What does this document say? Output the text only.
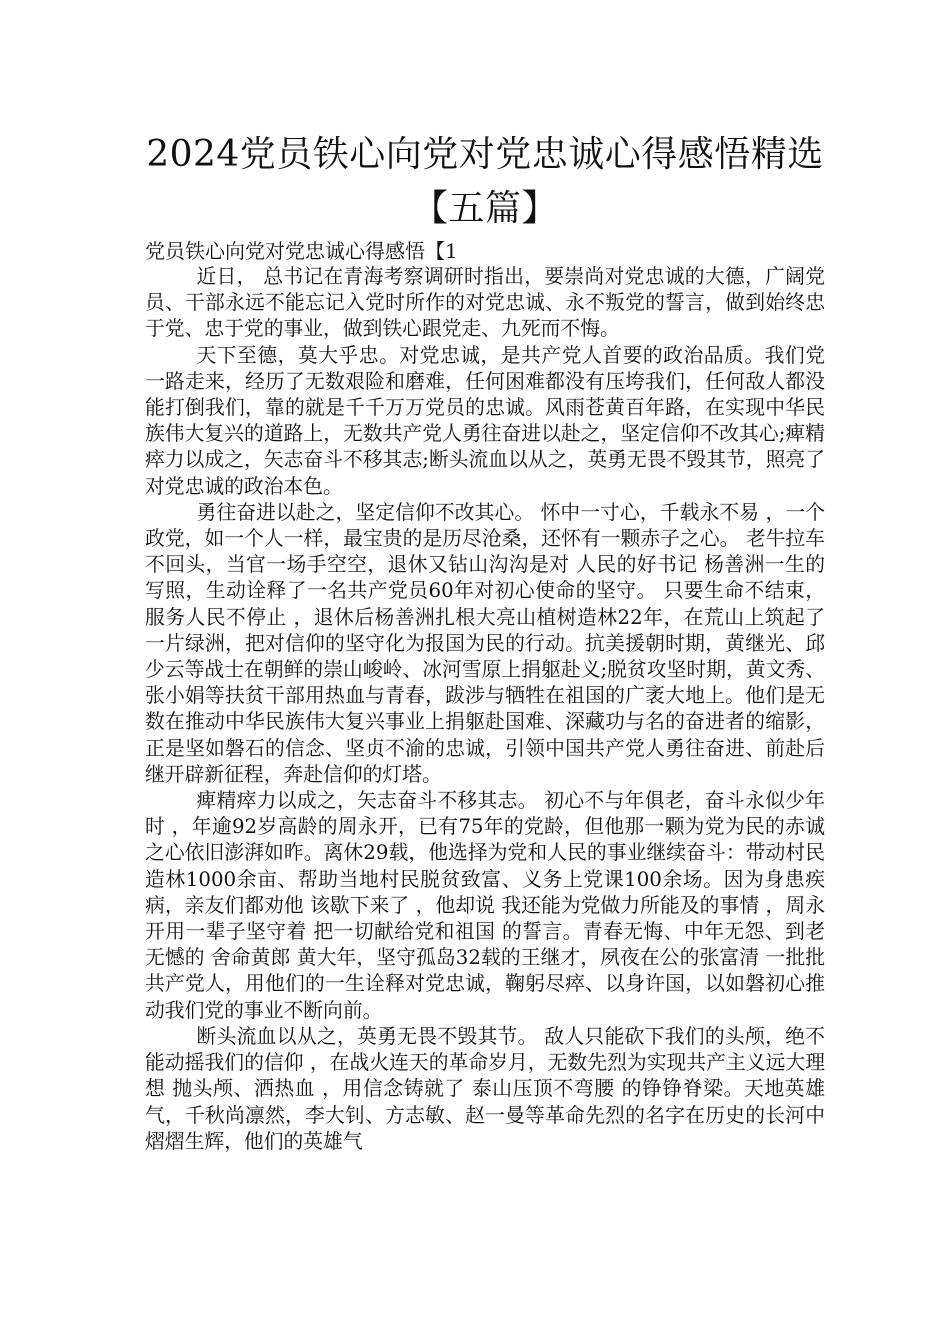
2024党员铁心向党对党忠诚心得感悟精选
【五篇】

党员铁心向党对党忠诚心得感悟【1

近日， 总书记在青海考察调研时指出，要崇尚对党忠诚的大德，广阔党员、干部永远不能忘记入党时所作的对党忠诚、永不叛党的誓言，做到始终忠于党、忠于党的事业，做到铁心跟党走、九死而不悔。

天下至德，莫大乎忠。对党忠诚，是共产党人首要的政治品质。我们党一路走来，经历了无数艰险和磨难，任何困难都没有压垮我们，任何敌人都没能打倒我们，靠的就是千千万万党员的忠诚。风雨苍黄百年路，在实现中华民族伟大复兴的道路上，无数共产党人勇往奋进以赴之，坚定信仰不改其心;痺精瘁力以成之，矢志奋斗不移其志;断头流血以从之，英勇无畏不毁其节，照亮了对党忠诚的政治本色。

勇往奋进以赴之，坚定信仰不改其心。 怀中一寸心，千载永不易 ，一个政党，如一个人一样，最宝贵的是历尽沧桑，还怀有一颗赤子之心。 老牛拉车不回头，当官一场手空空，退休又钻山沟沟是对 人民的好书记 杨善洲一生的写照，生动诠释了一名共产党员60年对初心使命的坚守。 只要生命不结束，服务人民不停止 ，退休后杨善洲扎根大亮山植树造林22年，在荒山上筑起了一片绿洲，把对信仰的坚守化为报国为民的行动。抗美援朝时期，黄继光、邱少云等战士在朝鲜的崇山峻岭、冰河雪原上捐躯赴义;脱贫攻坚时期，黄文秀、张小娟等扶贫干部用热血与青春，跋涉与牺牲在祖国的广袤大地上。他们是无数在推动中华民族伟大复兴事业上捐躯赴国难、深藏功与名的奋进者的缩影，正是坚如磐石的信念、坚贞不渝的忠诚，引领中国共产党人勇往奋进、前赴后继开辟新征程，奔赴信仰的灯塔。

痺精瘁力以成之，矢志奋斗不移其志。 初心不与年俱老，奋斗永似少年时 ，年逾92岁高龄的周永开，已有75年的党龄，但他那一颗为党为民的赤诚之心依旧澎湃如昨。离休29载，他选择为党和人民的事业继续奋斗：带动村民造林1000余亩、帮助当地村民脱贫致富、义务上党课100余场。因为身患疾病，亲友们都劝他 该歇下来了 ，他却说 我还能为党做力所能及的事情 ，周永开用一辈子坚守着 把一切献给党和祖国 的誓言。青春无悔、中年无怨、到老无憾的 舍命黄郎 黄大年，坚守孤岛32载的王继才，夙夜在公的张富清 一批批共产党人，用他们的一生诠释对党忠诚，鞠躬尽瘁、以身许国，以如磐初心推动我们党的事业不断向前。

断头流血以从之，英勇无畏不毁其节。 敌人只能砍下我们的头颅，绝不能动摇我们的信仰 ，在战火连天的革命岁月，无数先烈为实现共产主义远大理想 抛头颅、洒热血 ，用信念铸就了 泰山压顶不弯腰 的铮铮脊梁。天地英雄气，千秋尚凛然，李大钊、方志敏、赵一曼等革命先烈的名字在历史的长河中熠熠生辉，他们的英雄气
